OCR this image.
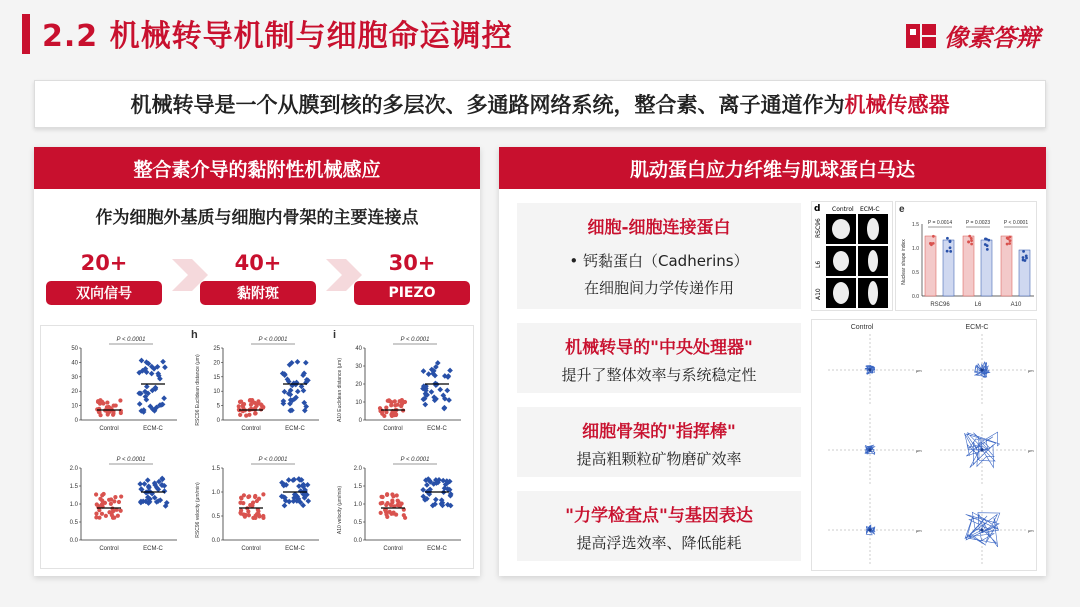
2.2 机械转导机制与细胞命运调控	像素答辩
机械转导是一个从膜到核的多层次、多通路网络系统，整合素、离子通道作为 机械传感器
整合素介导的黏附性机械感应
作为细胞外基质与细胞内骨架的主要连接点
20+
双向信号
40+
黏附斑
30+
PIEZO
50
40
30
20
10
0
Control	ECM-C
P < 0.0001	h
RSC96 Euclidean distance (μm)
25
20
15
10
5
0
Control	ECM-C
P < 0.0001	i
A10 Euclidean distance (μm)
40
30
20
10
0
Control	ECM-C
P < 0.0001
2.0
1.5
1.0
0.5
0.0
Control	ECM-C
P < 0.0001
RSC96 velocity (μm/min)
1.5
1.0
0.5
0.0
Control	ECM-C
P < 0.0001
A10 velocity (μm/min)
2.0
1.5
1.0
0.5
0.0
Control	ECM-C
P < 0.0001
肌动蛋白应力纤维与肌球蛋白马达
细胞-细胞连接蛋白
• 钙黏蛋白（Cadherins）
在细胞间力学传递作用
机械转导的"中央处理器"
提升了整体效率与系统稳定性
细胞骨架的"指挥棒"
提高粗颗粒矿物磨矿效率
"力学检查点"与基因表达
提高浮选效率、降低能耗
d Control ECM-C
RSC96
L6
A10
e
Nuclear shape index
1.5
1.0
0.5
0.0
P = 0.0014
RSC96
P = 0.0023
L6
P < 0.0001
A10
Control	ECM-C
μm	μm
μm	μm
μm	μm
